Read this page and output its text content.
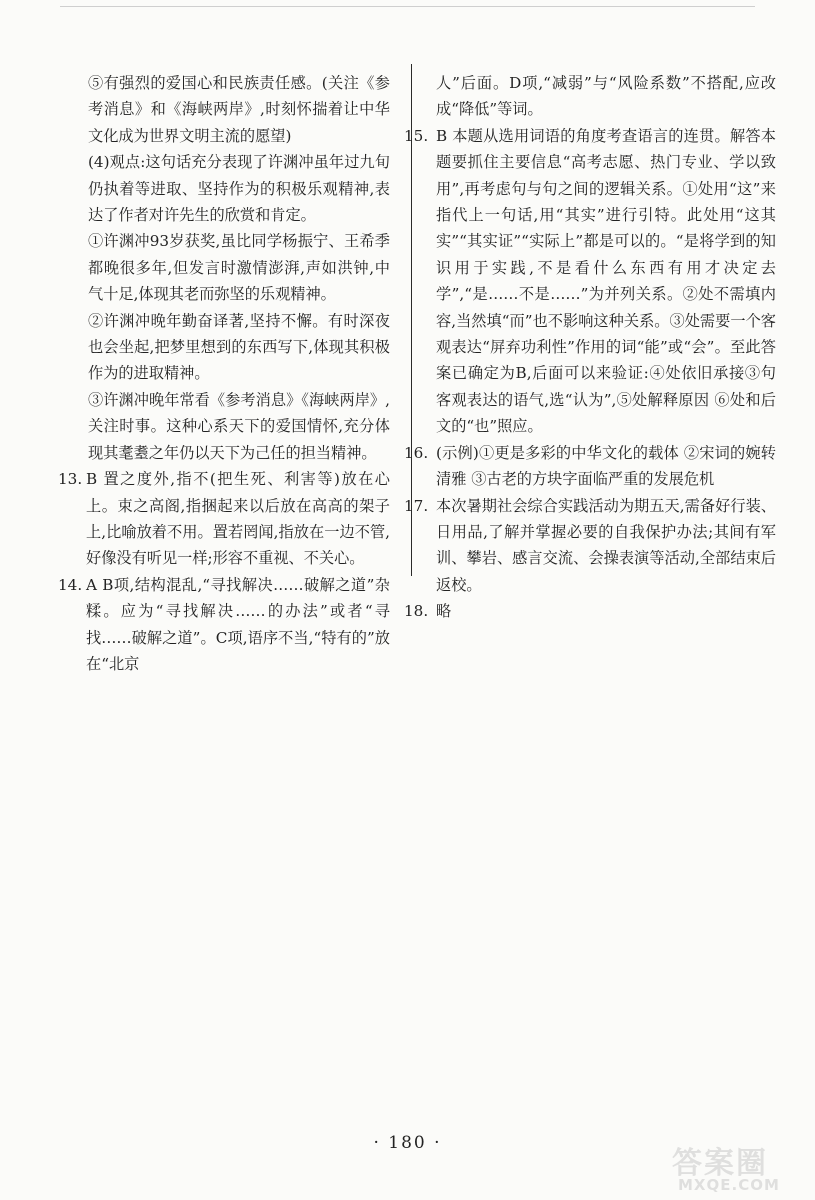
⑤有强烈的爱国心和民族责任感。(关注《参考消息》和《海峡两岸》,时刻怀揣着让中华文化成为世界文明主流的愿望)

(4)观点:这句话充分表现了许渊冲虽年过九旬仍执着等进取、坚持作为的积极乐观精神,表达了作者对许先生的欣赏和肯定。

①许渊冲93岁获奖,虽比同学杨振宁、王希季都晚很多年,但发言时激情澎湃,声如洪钟,中气十足,体现其老而弥坚的乐观精神。

②许渊冲晚年勤奋译著,坚持不懈。有时深夜也会坐起,把梦里想到的东西写下,体现其积极作为的进取精神。

③许渊冲晚年常看《参考消息》《海峡两岸》,关注时事。这种心系天下的爱国情怀,充分体现其耄耋之年仍以天下为己任的担当精神。

13. B 置之度外,指不(把生死、利害等)放在心上。束之高阁,指捆起来以后放在高高的架子上,比喻放着不用。置若罔闻,指放在一边不管,好像没有听见一样;形容不重视、不关心。
14. A B项,结构混乱,“寻找解决……破解之道”杂糅。应为“寻找解决……的办法”或者“寻找……破解之道”。C项,语序不当,“特有的”放在“北京

人”后面。D项,“减弱”与“风险系数”不搭配,应改成“降低”等词。

15. B 本题从选用词语的角度考查语言的连贯。解答本题要抓住主要信息“高考志愿、热门专业、学以致用”,再考虑句与句之间的逻辑关系。①处用“这”来指代上一句话,用“其实”进行引特。此处用“这其实”“其实证”“实际上”都是可以的。“是将学到的知识用于实践,不是看什么东西有用才决定去学”,“是……不是……”为并列关系。②处不需填内容,当然填“而”也不影响这种关系。③处需要一个客观表达“屏弃功利性”作用的词“能”或“会”。至此答案已确定为B,后面可以来验证:④处依旧承接③句客观表达的语气,选“认为”,⑤处解释原因 ⑥处和后文的“也”照应。
16. (示例)①更是多彩的中华文化的载体 ②宋词的婉转清雅 ③古老的方块字面临严重的发展危机
17. 本次暑期社会综合实践活动为期五天,需备好行装、日用品,了解并掌握必要的自我保护办法;其间有军训、攀岩、感言交流、会操表演等活动,全部结束后返校。
18. 略
· 180 ·
答案圈
MXQE.COM
